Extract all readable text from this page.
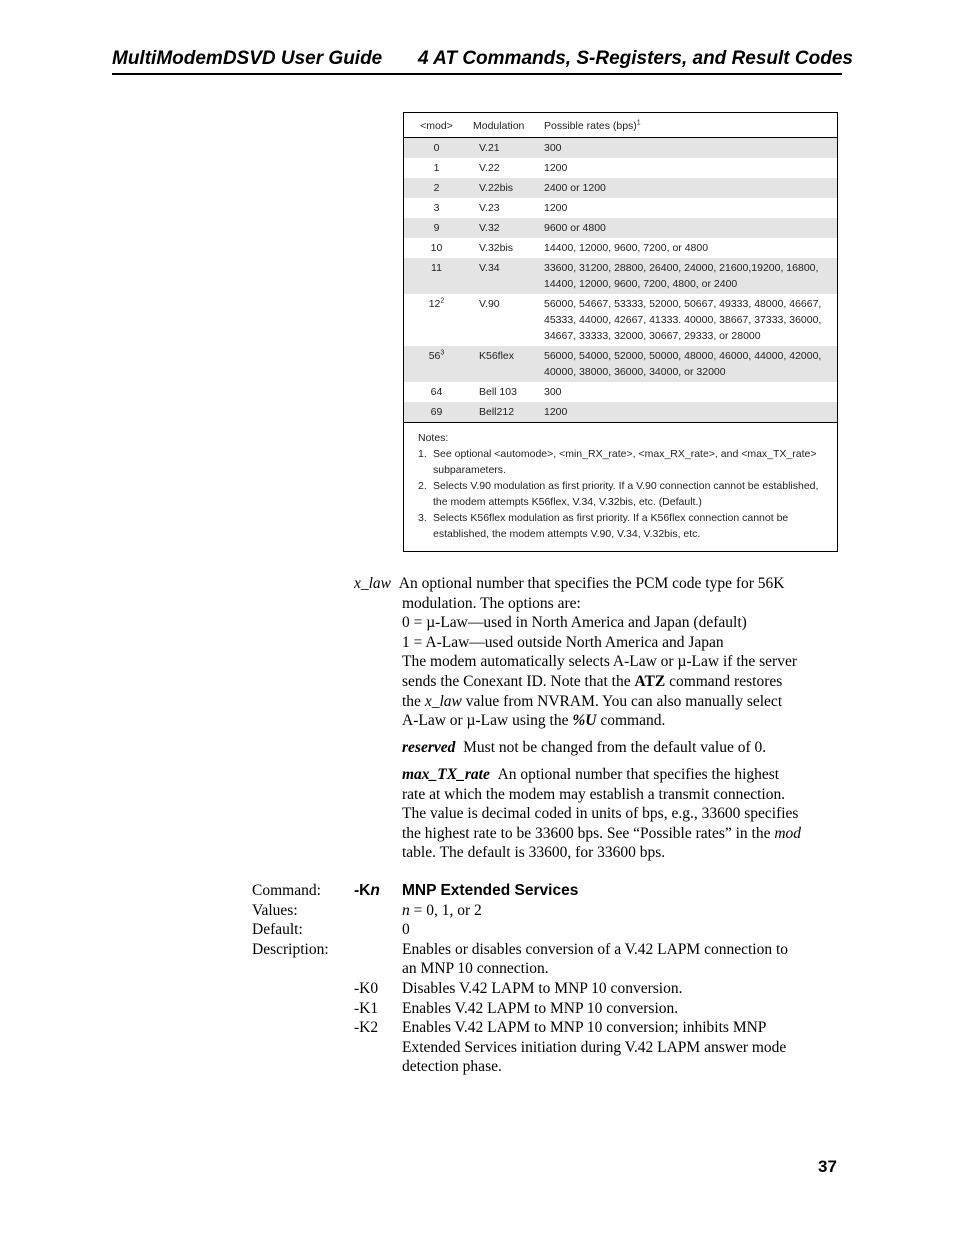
MultiModemDSVD User Guide 4 AT Commands, S-Registers, and Result Codes
<mod>	Modulation	Possible rates (bps)$^1$
0	V.21	300
1	V.22	1200
2	V.22bis	2400 or 1200
3	V.23	1200
9	V.32	9600 or 4800
10	V.32bis	14400, 12000, 9600, 7200, or 4800
11	V.34	33600, 31200, 28800, 26400, 24000, 21600,19200, 16800,
14400, 12000, 9600, 7200, 4800, or 2400
$12^2$	V.90	56000, 54667, 53333, 52000, 50667, 49333, 48000, 46667,
45333, 44000, 42667, 41333. 40000, 38667, 37333, 36000,
34667, 33333, 32000, 30667, 29333, or 28000
$56^3$	K56flex	56000, 54000, 52000, 50000, 48000, 46000, 44000, 42000,
40000, 38000, 36000, 34000, or 32000
64	Bell 103	300
69	Bell212	1200
Notes:
1. See optional <automode>, <min_RX_rate>, <max_RX_rate>, and <max_TX_rate>
subparameters.
2. Selects V.90 modulation as first priority. If a V.90 connection cannot be established,
the modem attempts K56flex, V.34, V.32bis, etc. (Default.)
3. Selects K56flex modulation as first priority. If a K56flex connection cannot be
established, the modem attempts V.90, V.34, V.32bis, etc.
x_law An optional number that specifies the PCM code type for 56K
modulation. The options are:
0 = µ-Law—used in North America and Japan (default)
1 = A-Law—used outside North America and Japan
The modem automatically selects A-Law or µ-Law if the server
sends the Conexant ID. Note that the ATZ command restores
the x_law value from NVRAM. You can also manually select
A-Law or µ-Law using the %U command.
reserved Must not be changed from the default value of 0.
max_TX_rate An optional number that specifies the highest
rate at which the modem may establish a transmit connection.
The value is decimal coded in units of bps, e.g., 33600 specifies
the highest rate to be 33600 bps. See “Possible rates” in the mod
table. The default is 33600, for 33600 bps.
Command:	-Kn	MNP Extended Services
Values:	n = 0, 1, or 2
Default:	0
Description:	Enables or disables conversion of a V.42 LAPM connection to
an MNP 10 connection.
-K0	Disables V.42 LAPM to MNP 10 conversion.
-K1	Enables V.42 LAPM to MNP 10 conversion.
-K2	Enables V.42 LAPM to MNP 10 conversion; inhibits MNP
Extended Services initiation during V.42 LAPM answer mode
detection phase.
37
